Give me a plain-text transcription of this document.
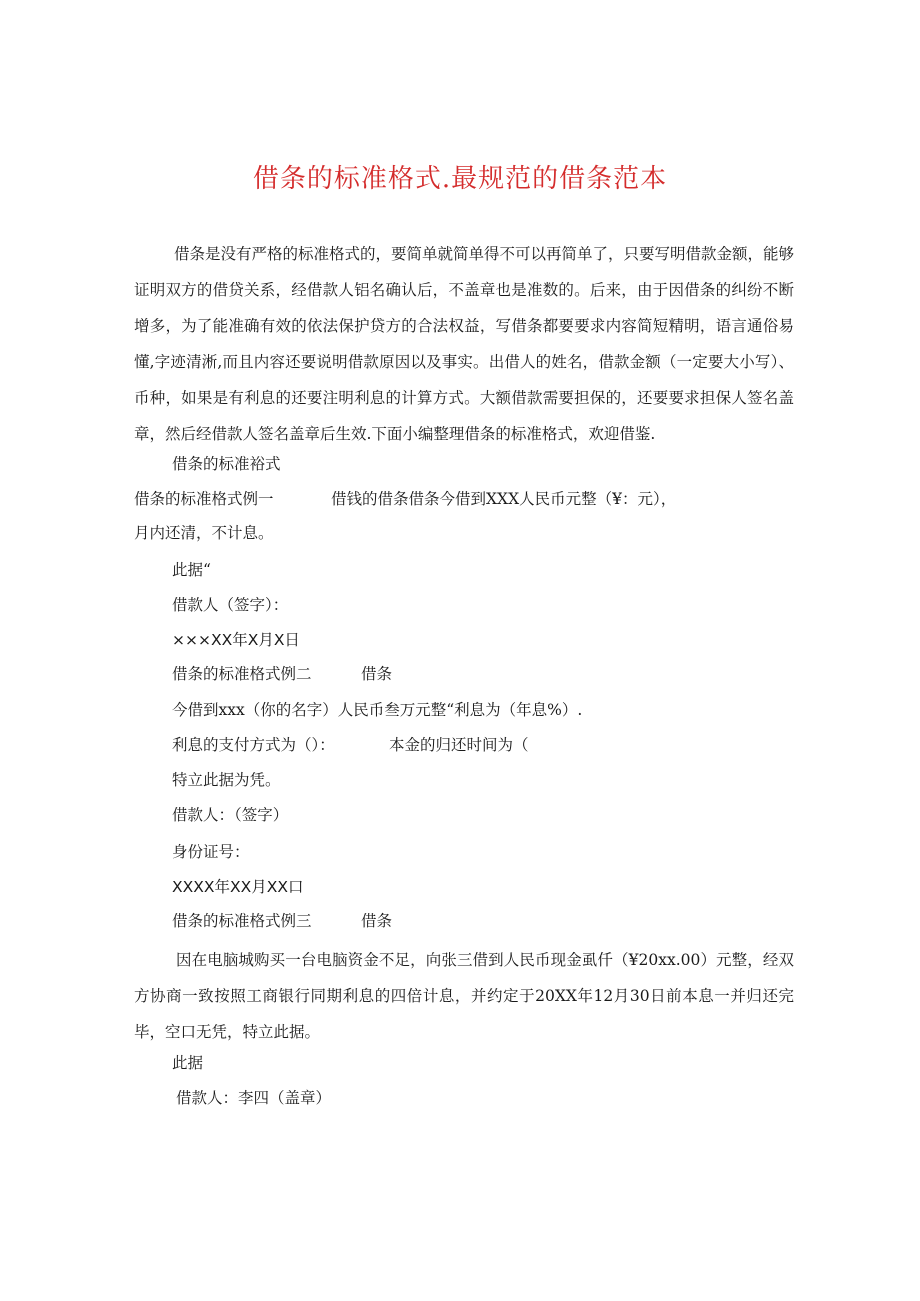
借条的标准格式.最规范的借条范本

借条是没有严格的标准格式的，要简单就简单得不可以再简单了，只要写明借款金额，能够证明双方的借贷关系，经借款人铝名确认后，不盖章也是准数的。后来，由于因借条的纠纷不断增多，为了能准确有效的依法保护贷方的合法权益，写借条都要要求内容简短精明，语言通俗易懂,字迹清淅,而且内容还要说明借款原因以及事实。出借人的姓名，借款金额（一定要大小写）、币种，如果是有利息的还要注明利息的计算方式。大额借款需要担保的，还要要求担保人签名盖章，然后经借款人签名盖章后生效.下面小编整理借条的标准格式，欢迎借鉴.

借条的标准裕式

借条的标准格式例一	借钱的借条借条今借到XXX人民币元整（¥：元），

月内还清，不计息。

此据“

借款人（签字）：

×××XX年X月X日

借条的标准格式例二	借条

今借到xxx（你的名字）人民币叁万元整“利息为（年息%）.

利息的支付方式为（）：	本金的归还时间为（

特立此据为凭。

借款人：（签字）

身份证号：

XXXX年XX月XX口

借条的标准格式例三	借条

因在电脑城购买一台电脑资金不足，向张三借到人民币现金虱仟（¥20xx.00）元整，经双方协商一致按照工商银行同期利息的四倍计息，并约定于20XX年12月30日前本息一并归还完毕，空口无凭，特立此据。

此据

借款人：李四（盖章）
